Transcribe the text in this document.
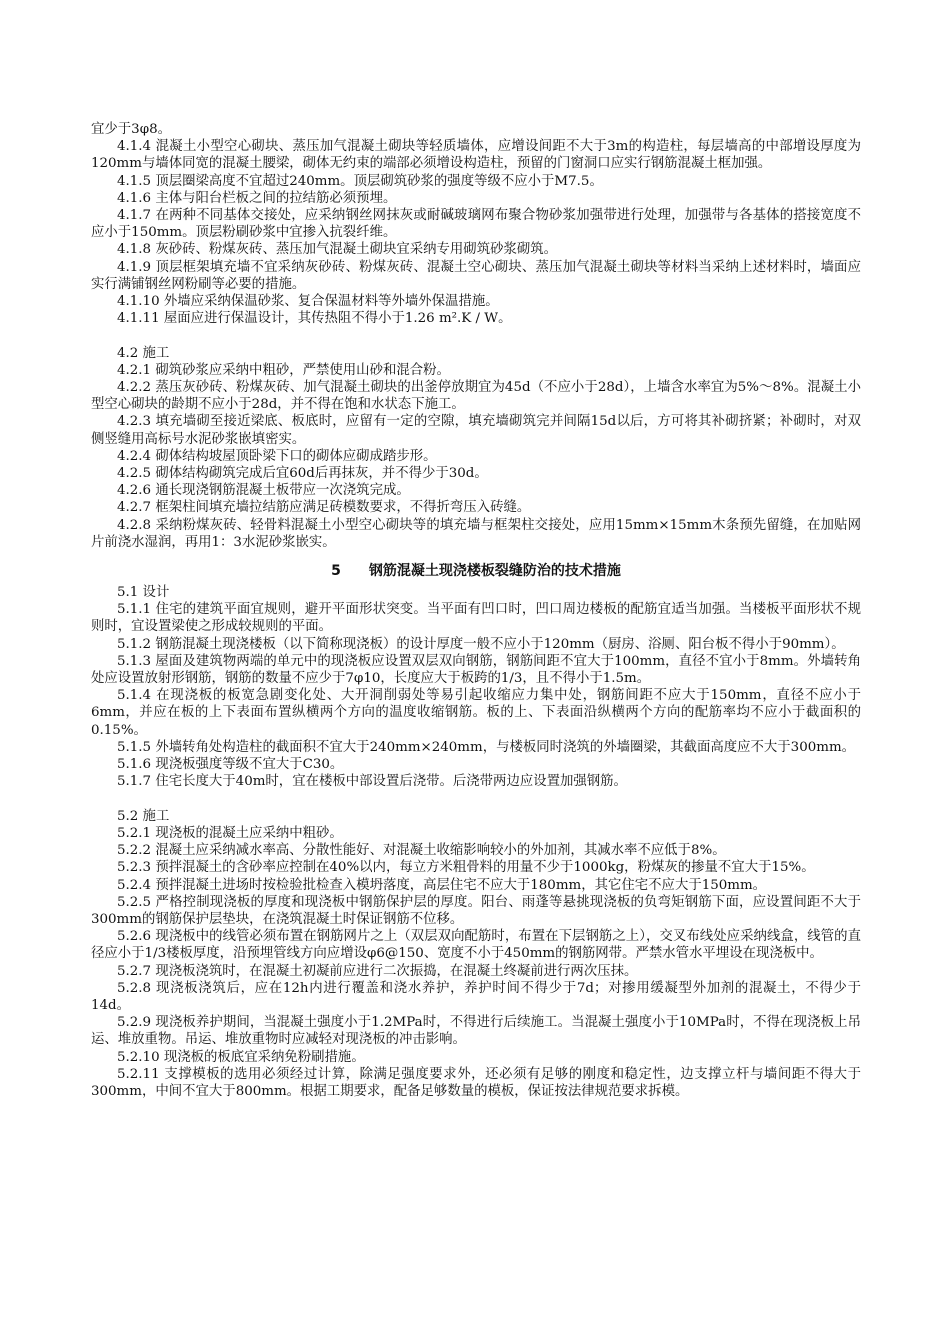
宜少于3φ8。

4.1.4 混凝土小型空心砌块、蒸压加气混凝土砌块等轻质墙体，应增设间距不大于3m的构造柱，每层墙高的中部增设厚度为120mm与墙体同宽的混凝土腰梁，砌体无约束的端部必须增设构造柱，预留的门窗洞口应实行钢筋混凝土框加强。

4.1.5 顶层圈梁高度不宜超过240mm。顶层砌筑砂浆的强度等级不应小于M7.5。

4.1.6 主体与阳台栏板之间的拉结筋必须预埋。

4.1.7 在两种不同基体交接处，应采纳钢丝网抹灰或耐碱玻璃网布聚合物砂浆加强带进行处理，加强带与各基体的搭接宽度不应小于150mm。顶层粉刷砂浆中宜掺入抗裂纤维。

4.1.8 灰砂砖、粉煤灰砖、蒸压加气混凝土砌块宜采纳专用砌筑砂浆砌筑。

4.1.9 顶层框架填充墙不宜采纳灰砂砖、粉煤灰砖、混凝土空心砌块、蒸压加气混凝土砌块等材料当采纳上述材料时，墙面应实行满铺钢丝网粉刷等必要的措施。

4.1.10 外墙应采纳保温砂浆、复合保温材料等外墙外保温措施。

4.1.11 屋面应进行保温设计，其传热阻不得小于1.26 m².K / W。

4.2 施工

4.2.1 砌筑砂浆应采纳中粗砂，严禁使用山砂和混合粉。

4.2.2 蒸压灰砂砖、粉煤灰砖、加气混凝土砌块的出釜停放期宜为45d（不应小于28d），上墙含水率宜为5%～8%。混凝土小型空心砌块的龄期不应小于28d，并不得在饱和水状态下施工。

4.2.3 填充墙砌至接近梁底、板底时，应留有一定的空隙，填充墙砌筑完并间隔15d以后，方可将其补砌挤紧；补砌时，对双侧竖缝用高标号水泥砂浆嵌填密实。

4.2.4 砌体结构坡屋顶卧梁下口的砌体应砌成踏步形。

4.2.5 砌体结构砌筑完成后宜60d后再抹灰，并不得少于30d。

4.2.6 通长现浇钢筋混凝土板带应一次浇筑完成。

4.2.7 框架柱间填充墙拉结筋应满足砖模数要求，不得折弯压入砖缝。

4.2.8 采纳粉煤灰砖、轻骨料混凝土小型空心砌块等的填充墙与框架柱交接处，应用15mm×15mm木条预先留缝，在加贴网片前浇水湿润，再用1：3水泥砂浆嵌实。

5　　钢筋混凝土现浇楼板裂缝防治的技术措施

5.1 设计

5.1.1 住宅的建筑平面宜规则，避开平面形状突变。当平面有凹口时，凹口周边楼板的配筋宜适当加强。当楼板平面形状不规则时，宜设置梁使之形成较规则的平面。

5.1.2 钢筋混凝土现浇楼板（以下简称现浇板）的设计厚度一般不应小于120mm（厨房、浴厕、阳台板不得小于90mm）。

5.1.3 屋面及建筑物两端的单元中的现浇板应设置双层双向钢筋，钢筋间距不宜大于100mm，直径不宜小于8mm。外墙转角处应设置放射形钢筋，钢筋的数量不应少于7φ10，长度应大于板跨的1/3，且不得小于1.5m。

5.1.4 在现浇板的板宽急剧变化处、大开洞削弱处等易引起收缩应力集中处，钢筋间距不应大于150mm，直径不应小于6mm，并应在板的上下表面布置纵横两个方向的温度收缩钢筋。板的上、下表面沿纵横两个方向的配筋率均不应小于截面积的0.15%。

5.1.5 外墙转角处构造柱的截面积不宜大于240mm×240mm，与楼板同时浇筑的外墙圈梁，其截面高度应不大于300mm。

5.1.6 现浇板强度等级不宜大于C30。

5.1.7 住宅长度大于40m时，宜在楼板中部设置后浇带。后浇带两边应设置加强钢筋。

5.2 施工

5.2.1 现浇板的混凝土应采纳中粗砂。

5.2.2 混凝土应采纳减水率高、分散性能好、对混凝土收缩影响较小的外加剂，其减水率不应低于8%。

5.2.3 预拌混凝土的含砂率应控制在40%以内，每立方米粗骨料的用量不少于1000kg，粉煤灰的掺量不宜大于15%。

5.2.4 预拌混凝土进场时按检验批检查入模坍落度，高层住宅不应大于180mm，其它住宅不应大于150mm。

5.2.5 严格控制现浇板的厚度和现浇板中钢筋保护层的厚度。阳台、雨蓬等悬挑现浇板的负弯矩钢筋下面，应设置间距不大于300mm的钢筋保护层垫块，在浇筑混凝土时保证钢筋不位移。

5.2.6 现浇板中的线管必须布置在钢筋网片之上（双层双向配筋时，布置在下层钢筋之上），交叉布线处应采纳线盒，线管的直径应小于1/3楼板厚度，沿预埋管线方向应增设φ6@150、宽度不小于450mm的钢筋网带。严禁水管水平埋设在现浇板中。

5.2.7 现浇板浇筑时，在混凝土初凝前应进行二次振捣，在混凝土终凝前进行两次压抹。

5.2.8 现浇板浇筑后，应在12h内进行覆盖和浇水养护，养护时间不得少于7d；对掺用缓凝型外加剂的混凝土，不得少于14d。

5.2.9 现浇板养护期间，当混凝土强度小于1.2MPa时，不得进行后续施工。当混凝土强度小于10MPa时，不得在现浇板上吊运、堆放重物。吊运、堆放重物时应减轻对现浇板的冲击影响。

5.2.10 现浇板的板底宜采纳免粉刷措施。

5.2.11 支撑模板的选用必须经过计算，除满足强度要求外，还必须有足够的刚度和稳定性，边支撑立杆与墙间距不得大于300mm，中间不宜大于800mm。根据工期要求，配备足够数量的模板，保证按法律规范要求拆模。
